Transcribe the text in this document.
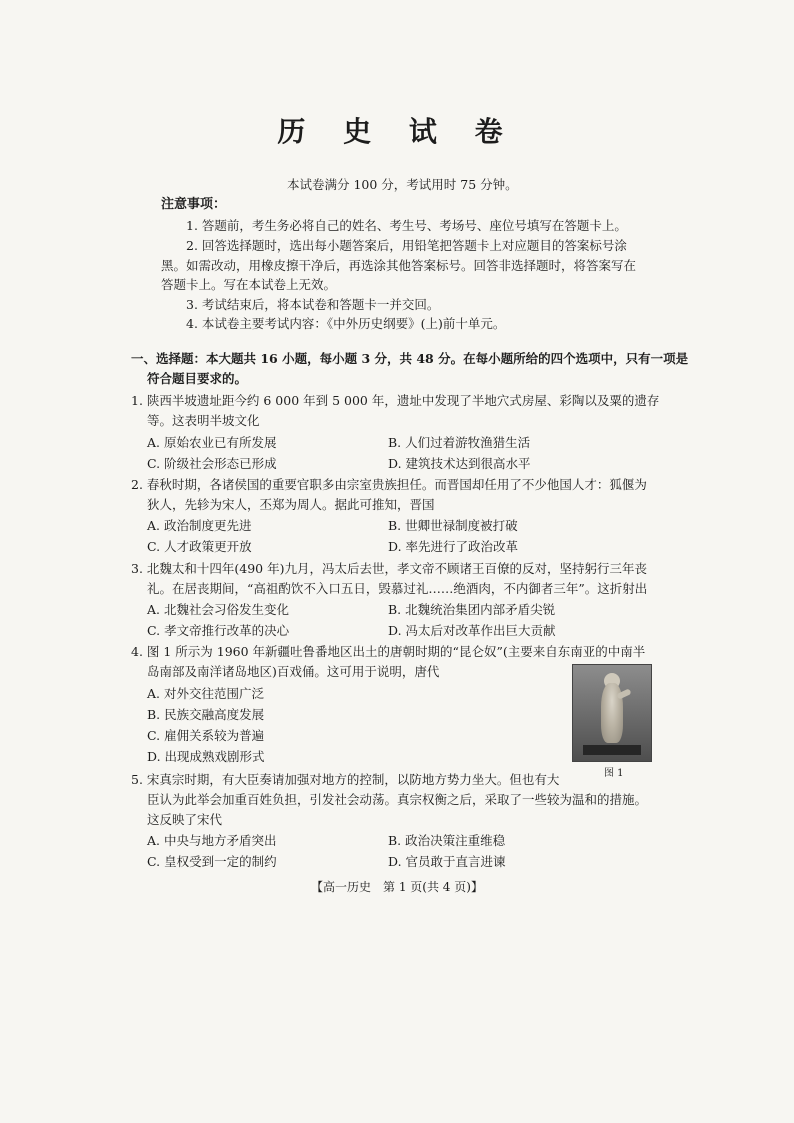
历 史 试 卷
本试卷满分 100 分，考试用时 75 分钟。
注意事项：
1. 答题前，考生务必将自己的姓名、考生号、考场号、座位号填写在答题卡上。
2. 回答选择题时，选出每小题答案后，用铅笔把答题卡上对应题目的答案标号涂
黑。如需改动，用橡皮擦干净后，再选涂其他答案标号。回答非选择题时，将答案写在
答题卡上。写在本试卷上无效。
3. 考试结束后，将本试卷和答题卡一并交回。
4. 本试卷主要考试内容：《中外历史纲要》(上)前十单元。
一、选择题：本大题共 16 小题，每小题 3 分，共 48 分。在每小题所给的四个选项中，只有一项是
符合题目要求的。
1. 陕西半坡遗址距今约 6 000 年到 5 000 年，遗址中发现了半地穴式房屋、彩陶以及粟的遗存
等。这表明半坡文化
A. 原始农业已有所发展	B. 人们过着游牧渔猎生活
C. 阶级社会形态已形成	D. 建筑技术达到很高水平
2. 春秋时期，各诸侯国的重要官职多由宗室贵族担任。而晋国却任用了不少他国人才：狐偃为
狄人，先轸为宋人，丕郑为周人。据此可推知，晋国
A. 政治制度更先进	B. 世卿世禄制度被打破
C. 人才政策更开放	D. 率先进行了政治改革
3. 北魏太和十四年(490 年)九月，冯太后去世，孝文帝不顾诸王百僚的反对，坚持躬行三年丧
礼。在居丧期间，“高祖酌饮不入口五日，毁慕过礼……绝酒肉，不内御者三年”。这折射出
A. 北魏社会习俗发生变化	B. 北魏统治集团内部矛盾尖锐
C. 孝文帝推行改革的决心	D. 冯太后对改革作出巨大贡献
4. 图 1 所示为 1960 年新疆吐鲁番地区出土的唐朝时期的“昆仑奴”(主要来自东南亚的中南半
岛南部及南洋诸岛地区)百戏俑。这可用于说明，唐代
A. 对外交往范围广泛
B. 民族交融高度发展
C. 雇佣关系较为普遍
D. 出现成熟戏剧形式
图 1
5. 宋真宗时期，有大臣奏请加强对地方的控制，以防地方势力坐大。但也有大
臣认为此举会加重百姓负担，引发社会动荡。真宗权衡之后，采取了一些较为温和的措施。
这反映了宋代
A. 中央与地方矛盾突出	B. 政治决策注重维稳
C. 皇权受到一定的制约	D. 官员敢于直言进谏
【高一历史　第 1 页(共 4 页)】
